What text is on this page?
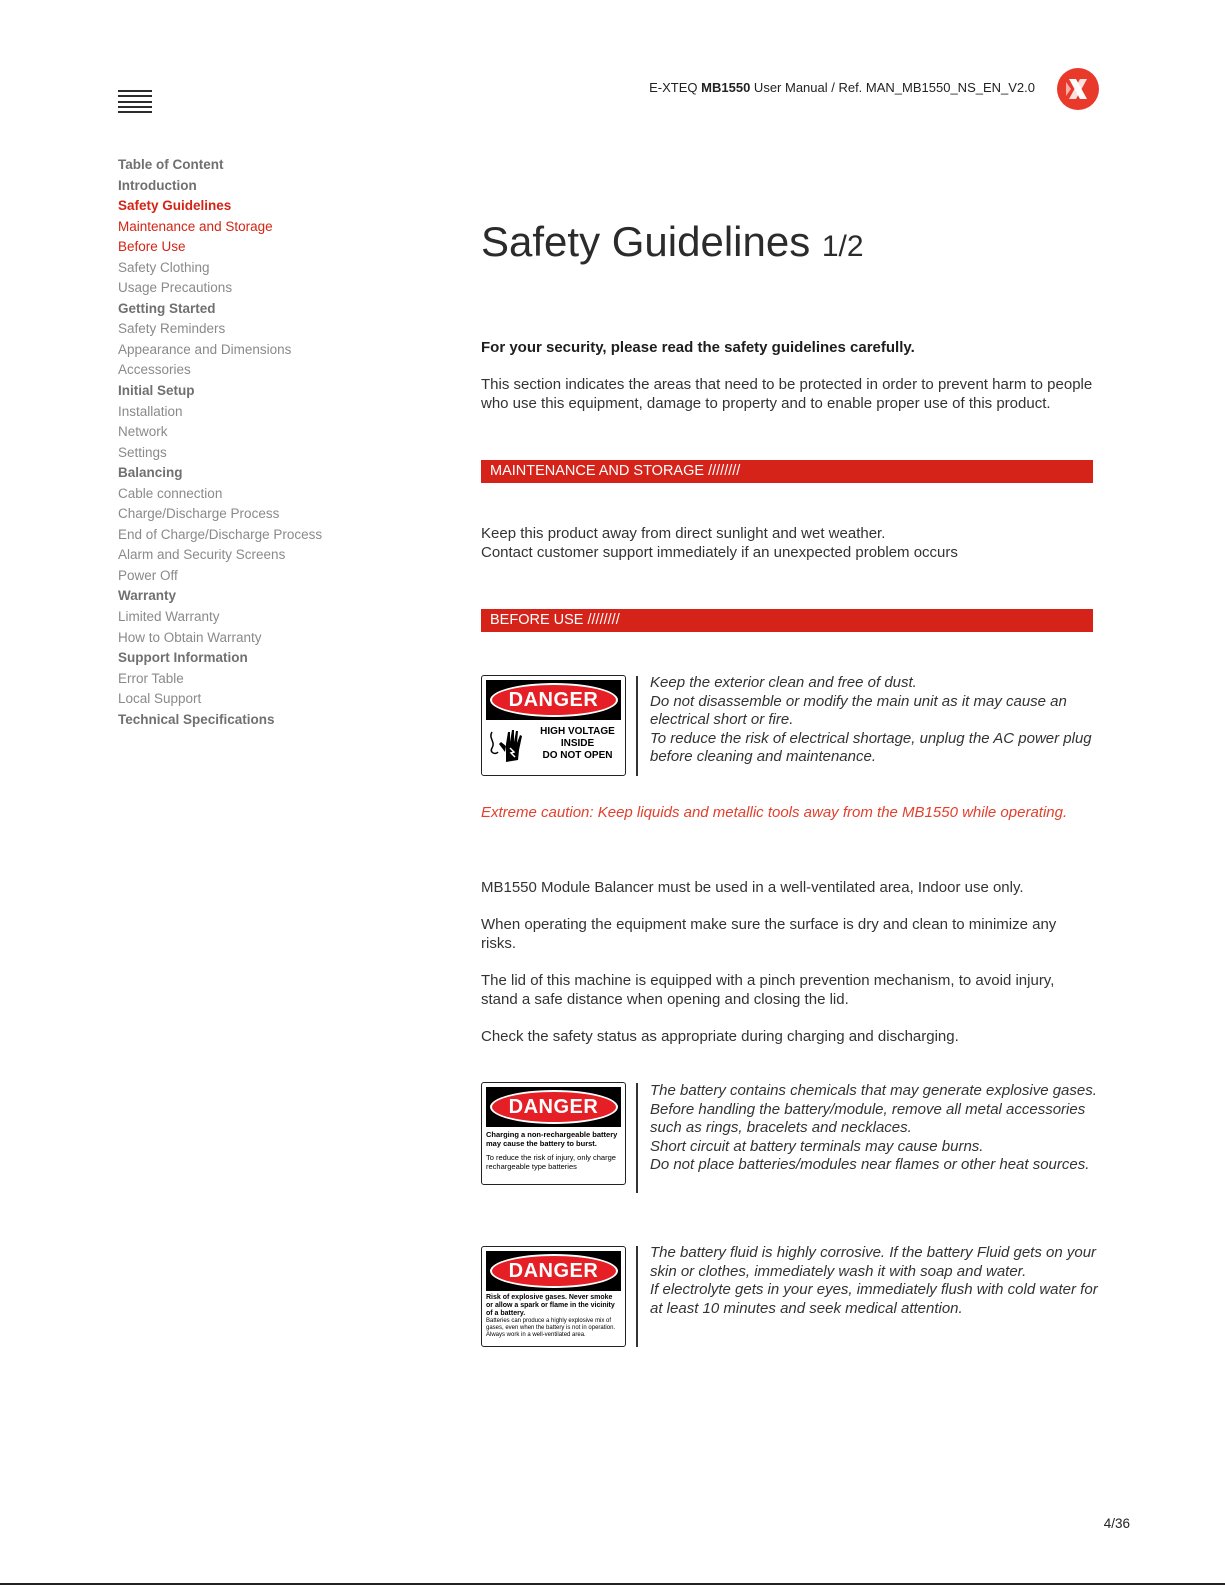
E-XTEQ MB1550 User Manual / Ref. MAN_MB1550_NS_EN_V2.0
Table of Content
Introduction
Safety Guidelines
Maintenance and Storage
Before Use
Safety Clothing
Usage Precautions
Getting Started
Safety Reminders
Appearance and Dimensions
Accessories
Initial Setup
Installation
Network
Settings
Balancing
Cable connection
Charge/Discharge Process
End of Charge/Discharge Process
Alarm and Security Screens
Power Off
Warranty
Limited Warranty
How to Obtain Warranty
Support Information
Error Table
Local Support
Technical Specifications
Safety Guidelines 1/2
For your security, please read the safety guidelines carefully.
This section indicates the areas that need to be protected in order to prevent harm to people who use this equipment, damage to property and to enable proper use of this product.
MAINTENANCE AND STORAGE ////////
Keep this product away from direct sunlight and wet weather.
Contact customer support immediately if an unexpected problem occurs
BEFORE USE ////////
DANGER
HIGH VOLTAGE
INSIDE
DO NOT OPEN
Keep the exterior clean and free of dust.
Do not disassemble or modify the main unit as it may cause an electrical short or fire.
To reduce the risk of electrical shortage, unplug the AC power plug before cleaning and maintenance.
Extreme caution: Keep liquids and metallic tools away from the MB1550 while operating.
MB1550 Module Balancer must be used in a well-ventilated area, Indoor use only.
When operating the equipment make sure the surface is dry and clean to minimize any risks.
The lid of this machine is equipped with a pinch prevention mechanism, to avoid injury, stand a safe distance when opening and closing the lid.
Check the safety status as appropriate during charging and discharging.
DANGER
Charging a non-rechargeable battery may cause the battery to burst.
To reduce the risk of injury, only charge rechargeable type batteries
The battery contains chemicals that may generate explosive gases. Before handling the battery/module, remove all metal accessories such as rings, bracelets and necklaces.
Short circuit at battery terminals may cause burns.
Do not place batteries/modules near flames or other heat sources.
DANGER
Risk of explosive gases. Never smoke or allow a spark or flame in the vicinity of a battery.
Batteries can produce a highly explosive mix of gases, even when the battery is not in operation. Always work in a well-ventilated area.
The battery fluid is highly corrosive. If the battery Fluid gets on your skin or clothes, immediately wash it with soap and water.
If electrolyte gets in your eyes, immediately flush with cold water for at least 10 minutes and seek medical attention.
4/36
